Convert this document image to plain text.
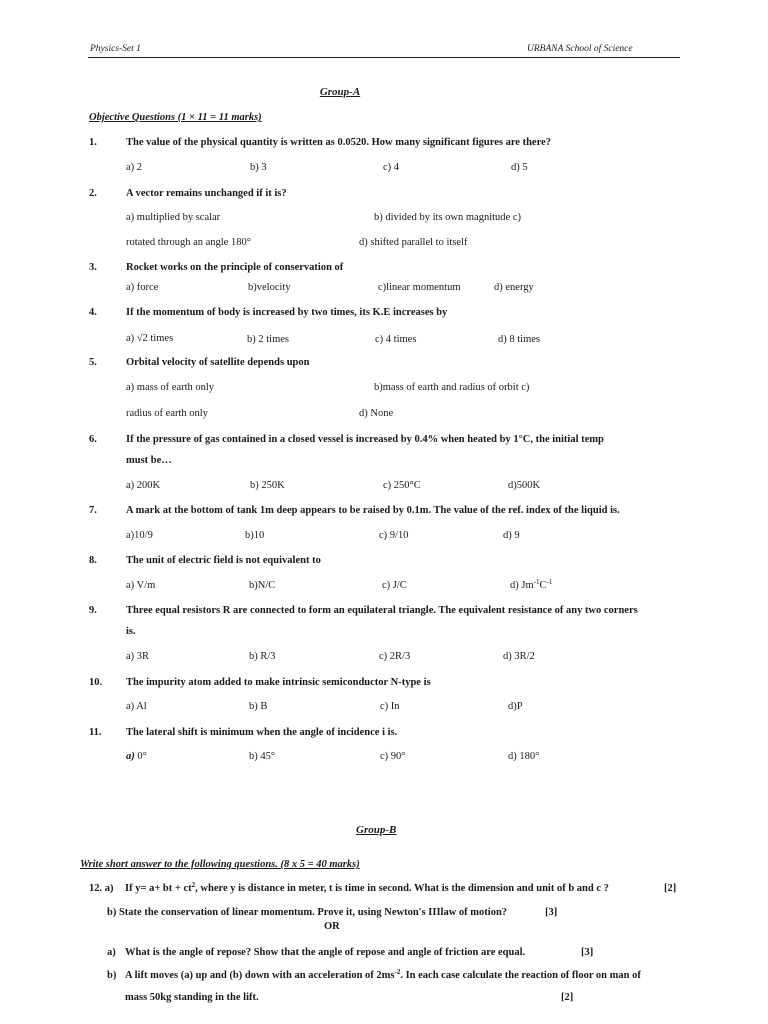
Physics-Set 1	URBANA School of Science
Group-A
Objective Questions (1 × 11 = 11 marks)
1.	The value of the physical quantity is written as 0.0520. How many significant figures are there?
a) 2	b) 3	c) 4	d) 5
2.	A vector remains unchanged if it is?
a) multiplied by scalar	b) divided by its own magnitude c)
rotated through an angle 180°	d) shifted parallel to itself
3.	Rocket works on the principle of conservation of
a) force	b)velocity	c)linear momentum	d) energy
4.	If the momentum of body is increased by two times, its K.E increases by
a) √2 times	b) 2 times	c) 4 times	d) 8 times
5.	Orbital velocity of satellite depends upon
a) mass of earth only	b)mass of earth and radius of orbit c)
radius of earth only	d) None
6.	If the pressure of gas contained in a closed vessel is increased by 0.4% when heated by 1°C, the initial temp
must be…
a) 200K	b) 250K	c) 250°C	d)500K
7.	A mark at the bottom of tank 1m deep appears to be raised by 0.1m. The value of the ref. index of the liquid is.
a)10/9	b)10	c) 9/10	d) 9
8.	The unit of electric field is not equivalent to
a) V/m	b)N/C	c) J/C	d) $Jm^{-1}C^{-1}$
9.	Three equal resistors R are connected to form an equilateral triangle. The equivalent resistance of any two corners
is.
a) 3R	b) R/3	c) 2R/3	d) 3R/2
10. The impurity atom added to make intrinsic semiconductor N-type is
a) Al	b) B	c) In	d)P
11. The lateral shift is minimum when the angle of incidence i is.
a) 0°	b) 45°	c) 90°	d) 180°
Group-B
Write short answer to the following questions. (8 x 5 = 40 marks)
12. a) If y= a+ bt + $ct^2$, where y is distance in meter, t is time in second. What is the dimension and unit of b and c ?	[2]
b) State the conservation of linear momentum. Prove it, using Newton's IIIlaw of motion?	[3]
OR
a) What is the angle of repose? Show that the angle of repose and angle of friction are equal.	[3]
b) A lift moves (a) up and (b) down with an acceleration of $2ms^{-2}$. In each case calculate the reaction of floor on man of
mass 50kg standing in the lift.	[2]
